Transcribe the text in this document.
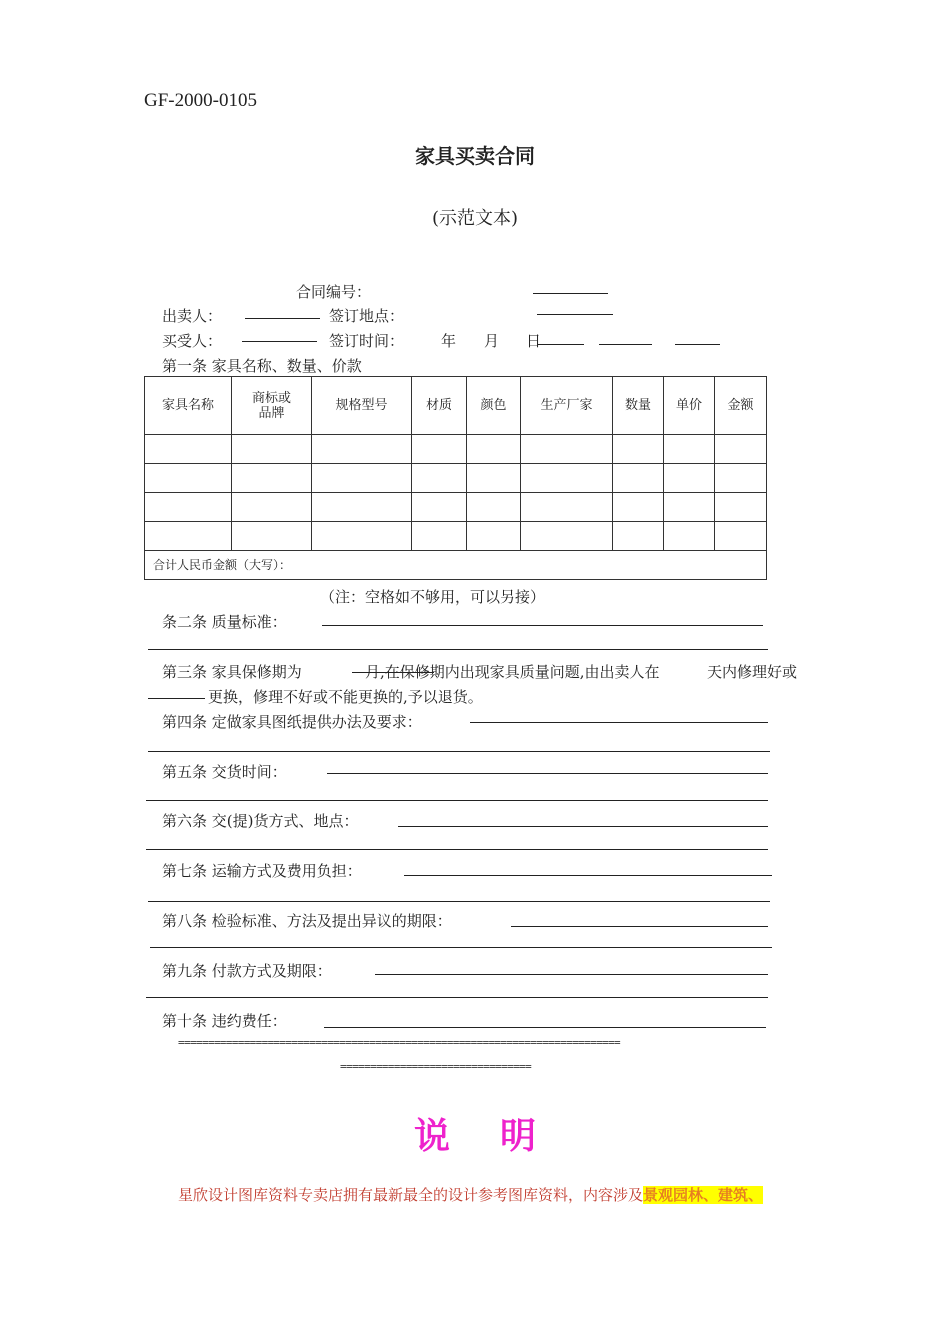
GF-2000-0105
家具买卖合同
(示范文本)
合同编号：
出卖人：	签订地点：
买受人：	签订时间： 年 月 日
第一条 家具名称、数量、价款
家具名称	商标或品牌	规格型号	材质	颜色	生产厂家	数量	单价	金额

合计人民币金额（大写）：								
（注：空格如不够用，可以另接）
条二条 质量标准：
第三条 家具保修期为	月,在保修期内出现家具质量问题,由出卖人在	天内修理好或
更换，修理不好或不能更换的,予以退货。
第四条 定做家具图纸提供办法及要求：
第五条 交货时间：
第六条 交(提)货方式、地点：
第七条 运输方式及费用负担：
第八条 检验标准、方法及提出异议的期限：
第九条 付款方式及期限：
第十条 违约费任：
==========================================================================
================================
说明
星欣设计图库资料专卖店拥有最新最全的设计参考图库资料，内容涉及景观园林、建筑、
